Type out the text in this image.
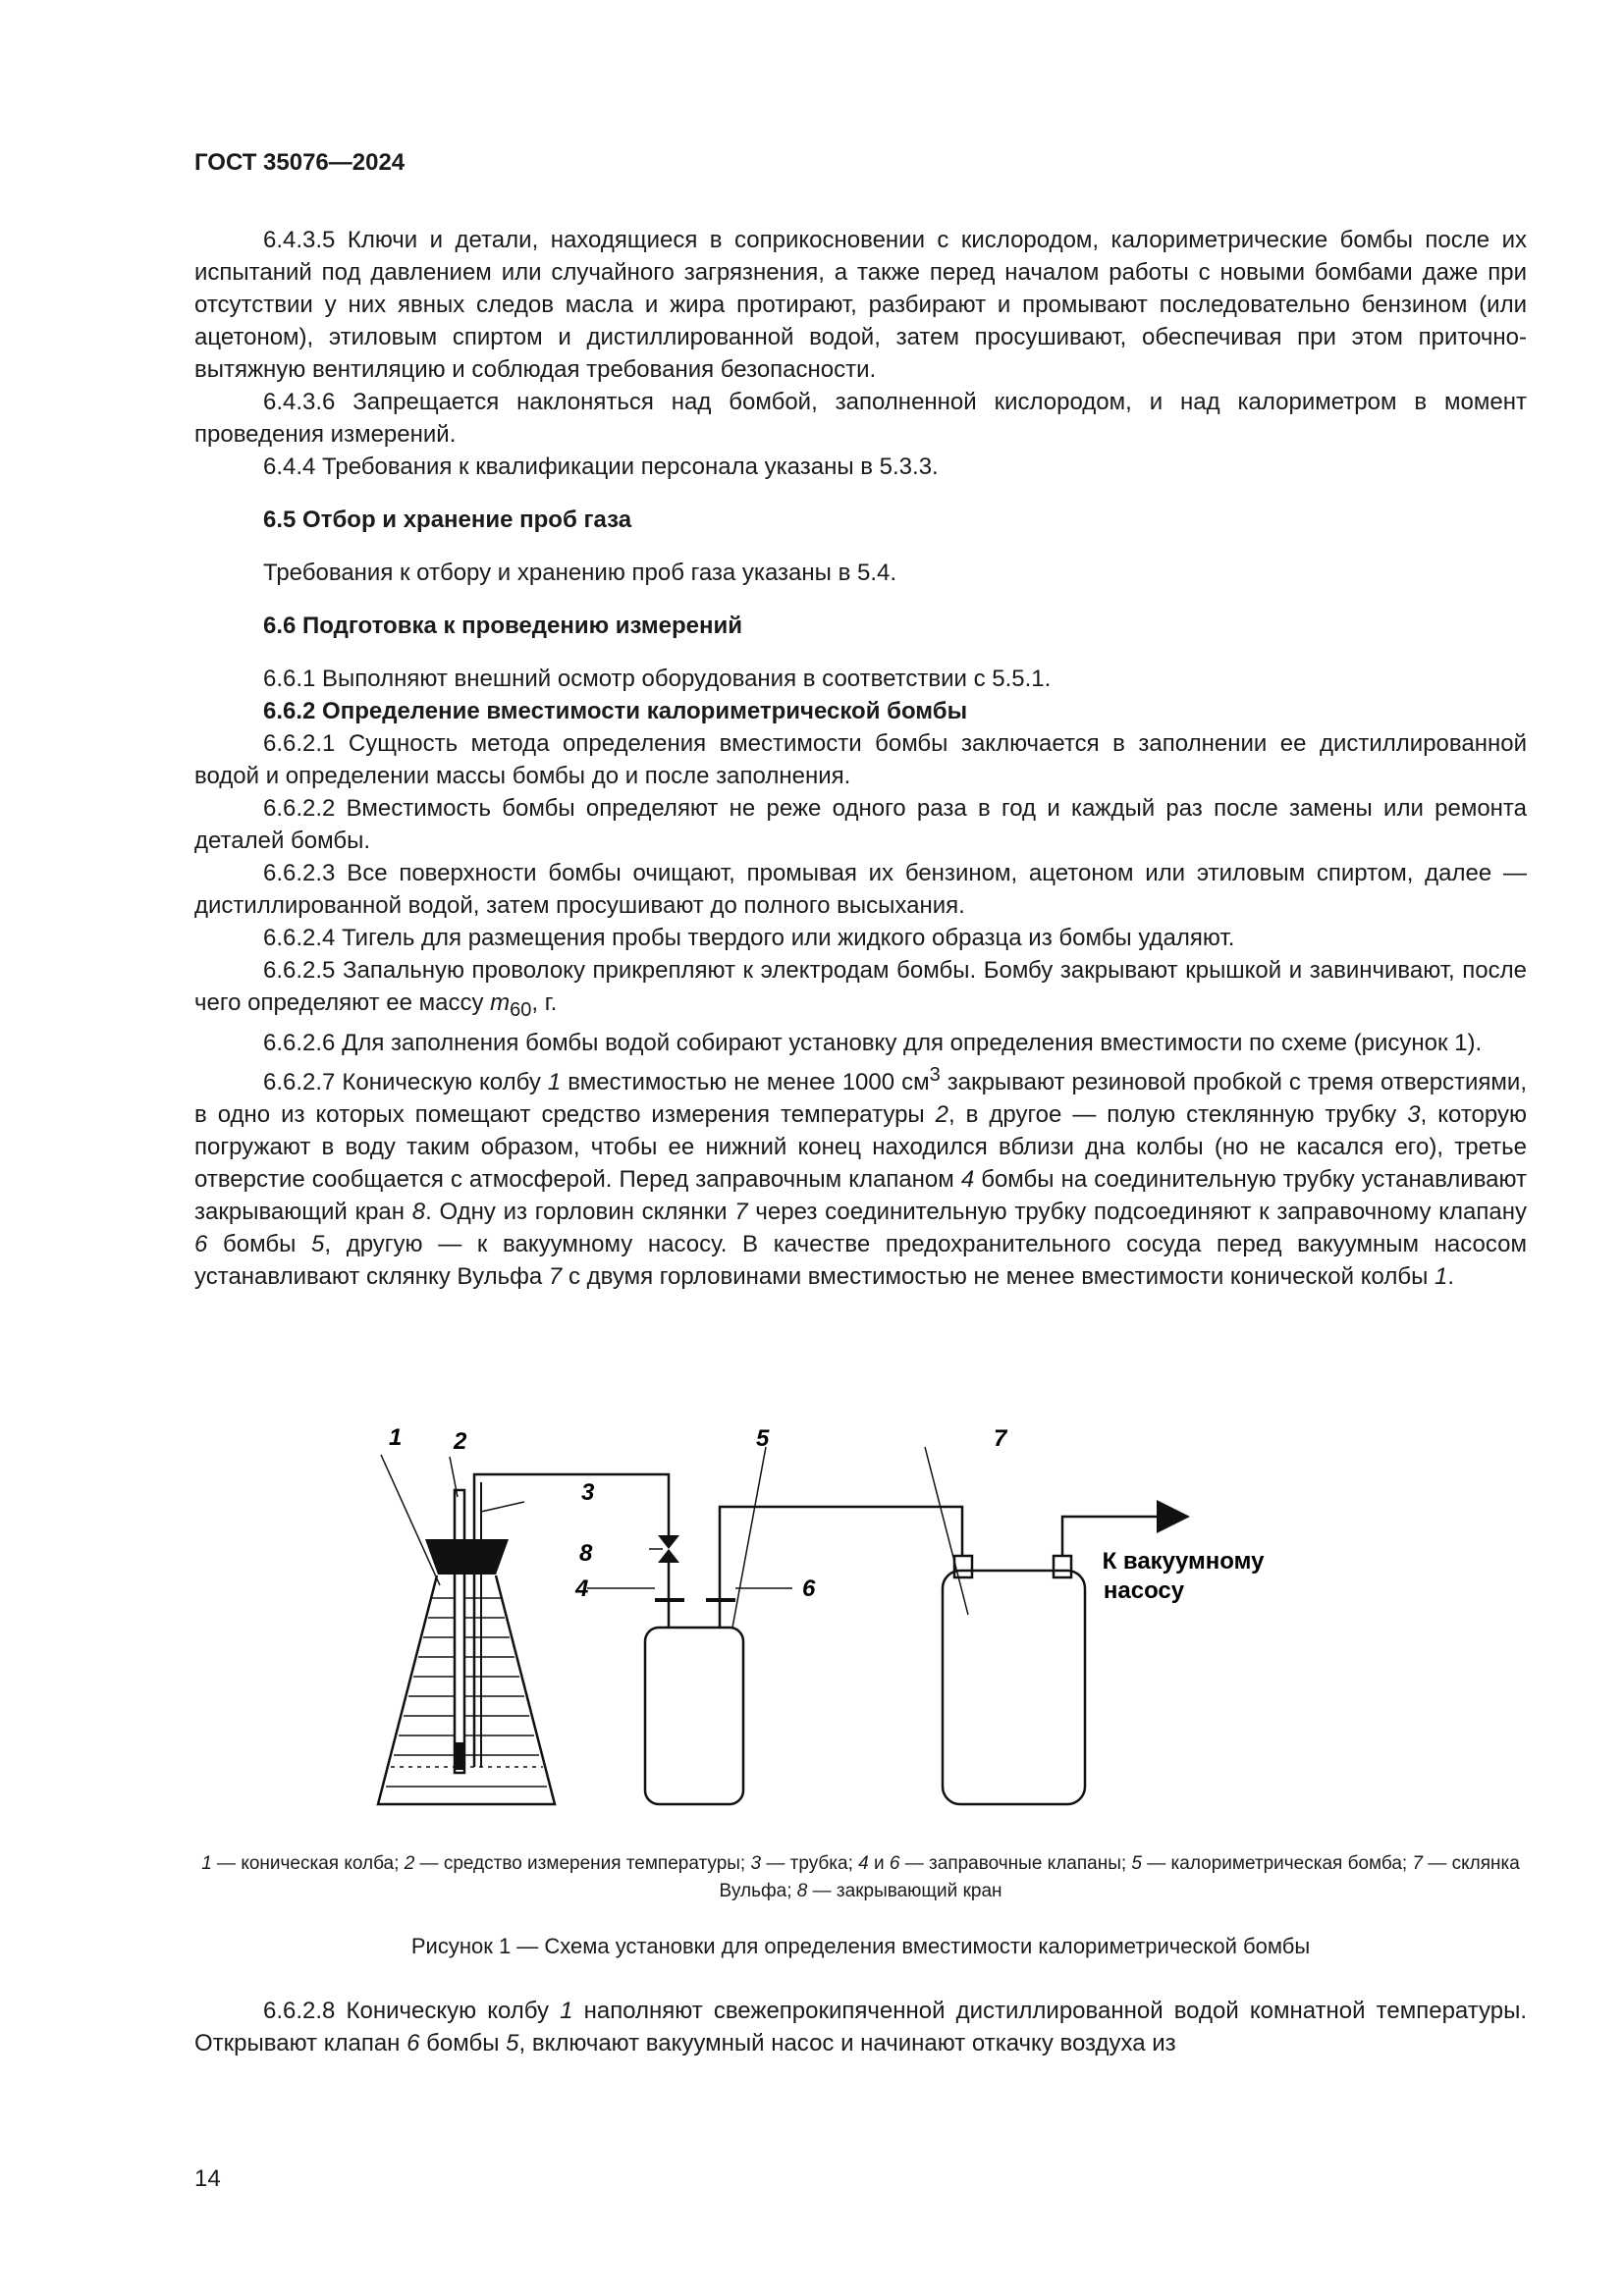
ГОСТ 35076—2024

6.4.3.5 Ключи и детали, находящиеся в соприкосновении с кислородом, калориметрические бомбы после их испытаний под давлением или случайного загрязнения, а также перед началом работы с новыми бомбами даже при отсутствии у них явных следов масла и жира протирают, разбирают и промывают последовательно бензином (или ацетоном), этиловым спиртом и дистиллированной водой, затем просушивают, обеспечивая при этом приточно-вытяжную вентиляцию и соблюдая требования безопасности.

6.4.3.6 Запрещается наклоняться над бомбой, заполненной кислородом, и над калориметром в момент проведения измерений.

6.4.4 Требования к квалификации персонала указаны в 5.3.3.

6.5 Отбор и хранение проб газа

Требования к отбору и хранению проб газа указаны в 5.4.

6.6 Подготовка к проведению измерений

6.6.1 Выполняют внешний осмотр оборудования в соответствии с 5.5.1.

6.6.2 Определение вместимости калориметрической бомбы

6.6.2.1 Сущность метода определения вместимости бомбы заключается в заполнении ее дистиллированной водой и определении массы бомбы до и после заполнения.

6.6.2.2 Вместимость бомбы определяют не реже одного раза в год и каждый раз после замены или ремонта деталей бомбы.

6.6.2.3 Все поверхности бомбы очищают, промывая их бензином, ацетоном или этиловым спиртом, далее — дистиллированной водой, затем просушивают до полного высыхания.

6.6.2.4 Тигель для размещения пробы твердого или жидкого образца из бомбы удаляют.

6.6.2.5 Запальную проволоку прикрепляют к электродам бомбы. Бомбу закрывают крышкой и завинчивают, после чего определяют ее массу $m_{60}$, г.

6.6.2.6 Для заполнения бомбы водой собирают установку для определения вместимости по схеме (рисунок 1).

6.6.2.7 Коническую колбу 1 вместимостью не менее 1000 $см^3$ закрывают резиновой пробкой с тремя отверстиями, в одно из которых помещают средство измерения температуры 2, в другое — полую стеклянную трубку 3, которую погружают в воду таким образом, чтобы ее нижний конец находился вблизи дна колбы (но не касался его), третье отверстие сообщается с атмосферой. Перед заправочным клапаном 4 бомбы на соединительную трубку устанавливают закрывающий кран 8. Одну из горловин склянки 7 через соединительную трубку подсоединяют к заправочному клапану 6 бомбы 5, другую — к вакуумному насосу. В качестве предохранительного сосуда перед вакуумным насосом устанавливают склянку Вульфа 7 с двумя горловинами вместимостью не менее вместимости конической колбы 1.

1 2
3
4
5
6
7
8	К вакуумному
насосу
1 — коническая колба; 2 — средство измерения температуры; 3 — трубка; 4 и 6 — заправочные клапаны; 5 — калориметрическая бомба; 7 — склянка Вульфа; 8 — закрывающий кран
Рисунок 1 — Схема установки для определения вместимости калориметрической бомбы

6.6.2.8 Коническую колбу 1 наполняют свежепрокипяченной дистиллированной водой комнатной температуры. Открывают клапан 6 бомбы 5, включают вакуумный насос и начинают откачку воздуха из

14
